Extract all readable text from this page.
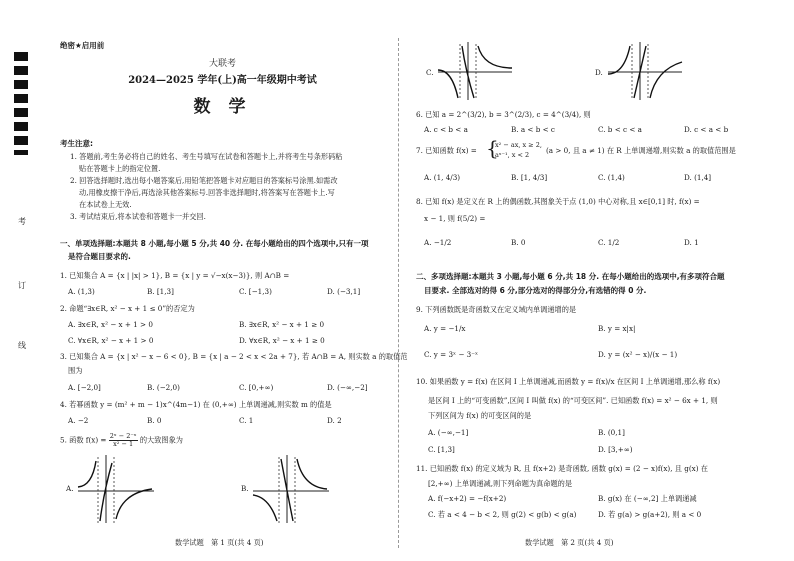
考
订
线
绝密★启用前
大联考
2024—2025 学年(上)高一年级期中考试
数 学
考生注意:
1. 答题前,考生务必将自己的姓名、考生号填写在试卷和答题卡上,并将考生号条形码粘
贴在答题卡上的指定位置.
2. 回答选择题时,选出每小题答案后,用铅笔把答题卡对应题目的答案标号涂黑.如需改
动,用橡皮擦干净后,再选涂其他答案标号.回答非选择题时,将答案写在答题卡上.写
在本试卷上无效.
3. 考试结束后,将本试卷和答题卡一并交回.
一、单项选择题:本题共 8 小题,每小题 5 分,共 40 分. 在每小题给出的四个选项中,只有一项
是符合题目要求的.
1. 已知集合 A = {x | |x| > 1}, B = {x | y = √−x(x−3)}, 则 A∩B =
A. (1,3)	B. [1,3]	C. [−1,3)	D. (−3,1]
2. 命题“∃x∈R, x² − x + 1 ≤ 0”的否定为
A. ∃x∈R, x² − x + 1 > 0	B. ∃x∈R, x² − x + 1 ≥ 0
C. ∀x∈R, x² − x + 1 > 0	D. ∀x∈R, x² − x + 1 ≥ 0
3. 已知集合 A = {x | x² − x − 6 < 0}, B = {x | a − 2 < x < 2a + 7}, 若 A∩B = A, 则实数 a 的取值范
围为
A. [−2,0]	B. (−2,0)	C. [0,+∞)	D. (−∞,−2]
4. 若幂函数 y = (m² + m − 1)x^(4m−1) 在 (0,+∞) 上单调递减,则实数 m 的值是
A. −2	B. 0	C. 1	D. 2
5. 函数 $f(x) = \frac{\text{2ˣ − 2⁻ˣ}}{\text{x² − 1}}$ 的大致图象为
A.	B.
数学试题　第 1 页(共 4 页)
C.	D.
6. 已知 a = 2^(3/2), b = 3^(2/3), c = 4^(3/4), 则
A. c < b < a	B. a < b < c	C. b < c < a	D. c < a < b
7. 已知函数 f(x) = {
x² − ax, x ≥ 2,
aˣ⁻¹, x < 2 (a > 0, 且 a ≠ 1) 在 R 上单调递增,则实数 a 的取值范围是
A. (1, 4/3)	B. [1, 4/3]	C. (1,4)	D. (1,4]
8. 已知 f(x) 是定义在 R 上的偶函数,其图象关于点 (1,0) 中心对称,且 x∈[0,1] 时, f(x) =
x − 1, 则 f(5/2) =
A. −1/2	B. 0	C. 1/2	D. 1
二、多项选择题:本题共 3 小题,每小题 6 分,共 18 分. 在每小题给出的选项中,有多项符合题
目要求. 全部选对的得 6 分,部分选对的得部分分,有选错的得 0 分.
9. 下列函数既是奇函数又在定义域内单调递增的是
A. y = −1/x	B. y = x|x|
C. y = 3ˣ − 3⁻ˣ	D. y = (x² − x)/(x − 1)
10. 如果函数 y = f(x) 在区间 I 上单调递减,而函数 y = f(x)/x 在区间 I 上单调递增,那么称 f(x)
是区间 I 上的“可变函数”,区间 I 叫做 f(x) 的“可变区间”. 已知函数 f(x) = x² − 6x + 1, 则
下列区间为 f(x) 的可变区间的是
A. (−∞,−1]	B. (0,1]
C. [1,3]	D. [3,+∞)
11. 已知函数 f(x) 的定义域为 R, 且 f(x+2) 是奇函数, 函数 g(x) = (2 − x)f(x), 且 g(x) 在
[2,+∞) 上单调递减,则下列命题为真命题的是
A. f(−x+2) = −f(x+2)	B. g(x) 在 (−∞,2] 上单调递减
C. 若 a < 4 − b < 2, 则 g(2) < g(b) < g(a)	D. 若 g(a) > g(a+2), 则 a < 0
数学试题　第 2 页(共 4 页)
